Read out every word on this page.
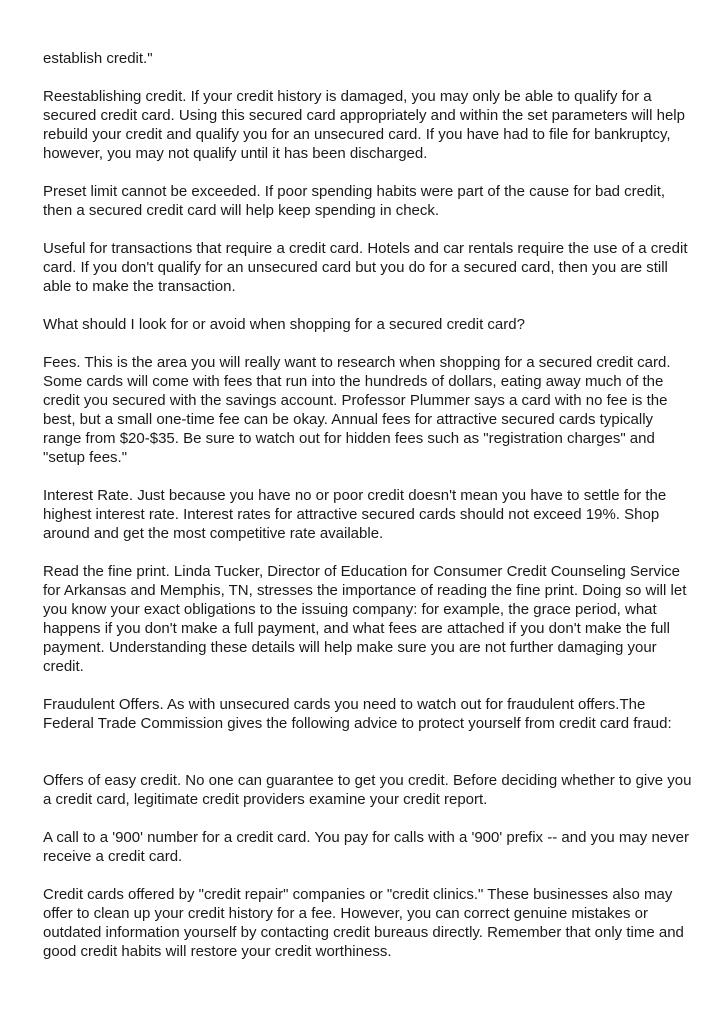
establish credit."

Reestablishing credit. If your credit history is damaged, you may only be able to qualify for a secured credit card. Using this secured card appropriately and within the set parameters will help rebuild your credit and qualify you for an unsecured card. If you have had to file for bankruptcy, however, you may not qualify until it has been discharged.

Preset limit cannot be exceeded. If poor spending habits were part of the cause for bad credit, then a secured credit card will help keep spending in check.

Useful for transactions that require a credit card. Hotels and car rentals require the use of a credit card. If you don't qualify for an unsecured card but you do for a secured card, then you are still able to make the transaction.

What should I look for or avoid when shopping for a secured credit card?

Fees. This is the area you will really want to research when shopping for a secured credit card. Some cards will come with fees that run into the hundreds of dollars, eating away much of the credit you secured with the savings account. Professor Plummer says a card with no fee is the best, but a small one-time fee can be okay. Annual fees for attractive secured cards typically range from $20-$35. Be sure to watch out for hidden fees such as "registration charges" and "setup fees."

Interest Rate. Just because you have no or poor credit doesn't mean you have to settle for the highest interest rate. Interest rates for attractive secured cards should not exceed 19%. Shop around and get the most competitive rate available.

Read the fine print. Linda Tucker, Director of Education for Consumer Credit Counseling Service for Arkansas and Memphis, TN, stresses the importance of reading the fine print. Doing so will let you know your exact obligations to the issuing company: for example, the grace period, what happens if you don't make a full payment, and what fees are attached if you don't make the full payment. Understanding these details will help make sure you are not further damaging your credit.

Fraudulent Offers. As with unsecured cards you need to watch out for fraudulent offers.The Federal Trade Commission gives the following advice to protect yourself from credit card fraud:

Offers of easy credit. No one can guarantee to get you credit. Before deciding whether to give you a credit card, legitimate credit providers examine your credit report.

A call to a '900' number for a credit card. You pay for calls with a '900' prefix -- and you may never receive a credit card.

Credit cards offered by "credit repair" companies or "credit clinics." These businesses also may offer to clean up your credit history for a fee. However, you can correct genuine mistakes or outdated information yourself by contacting credit bureaus directly. Remember that only time and good credit habits will restore your credit worthiness.
